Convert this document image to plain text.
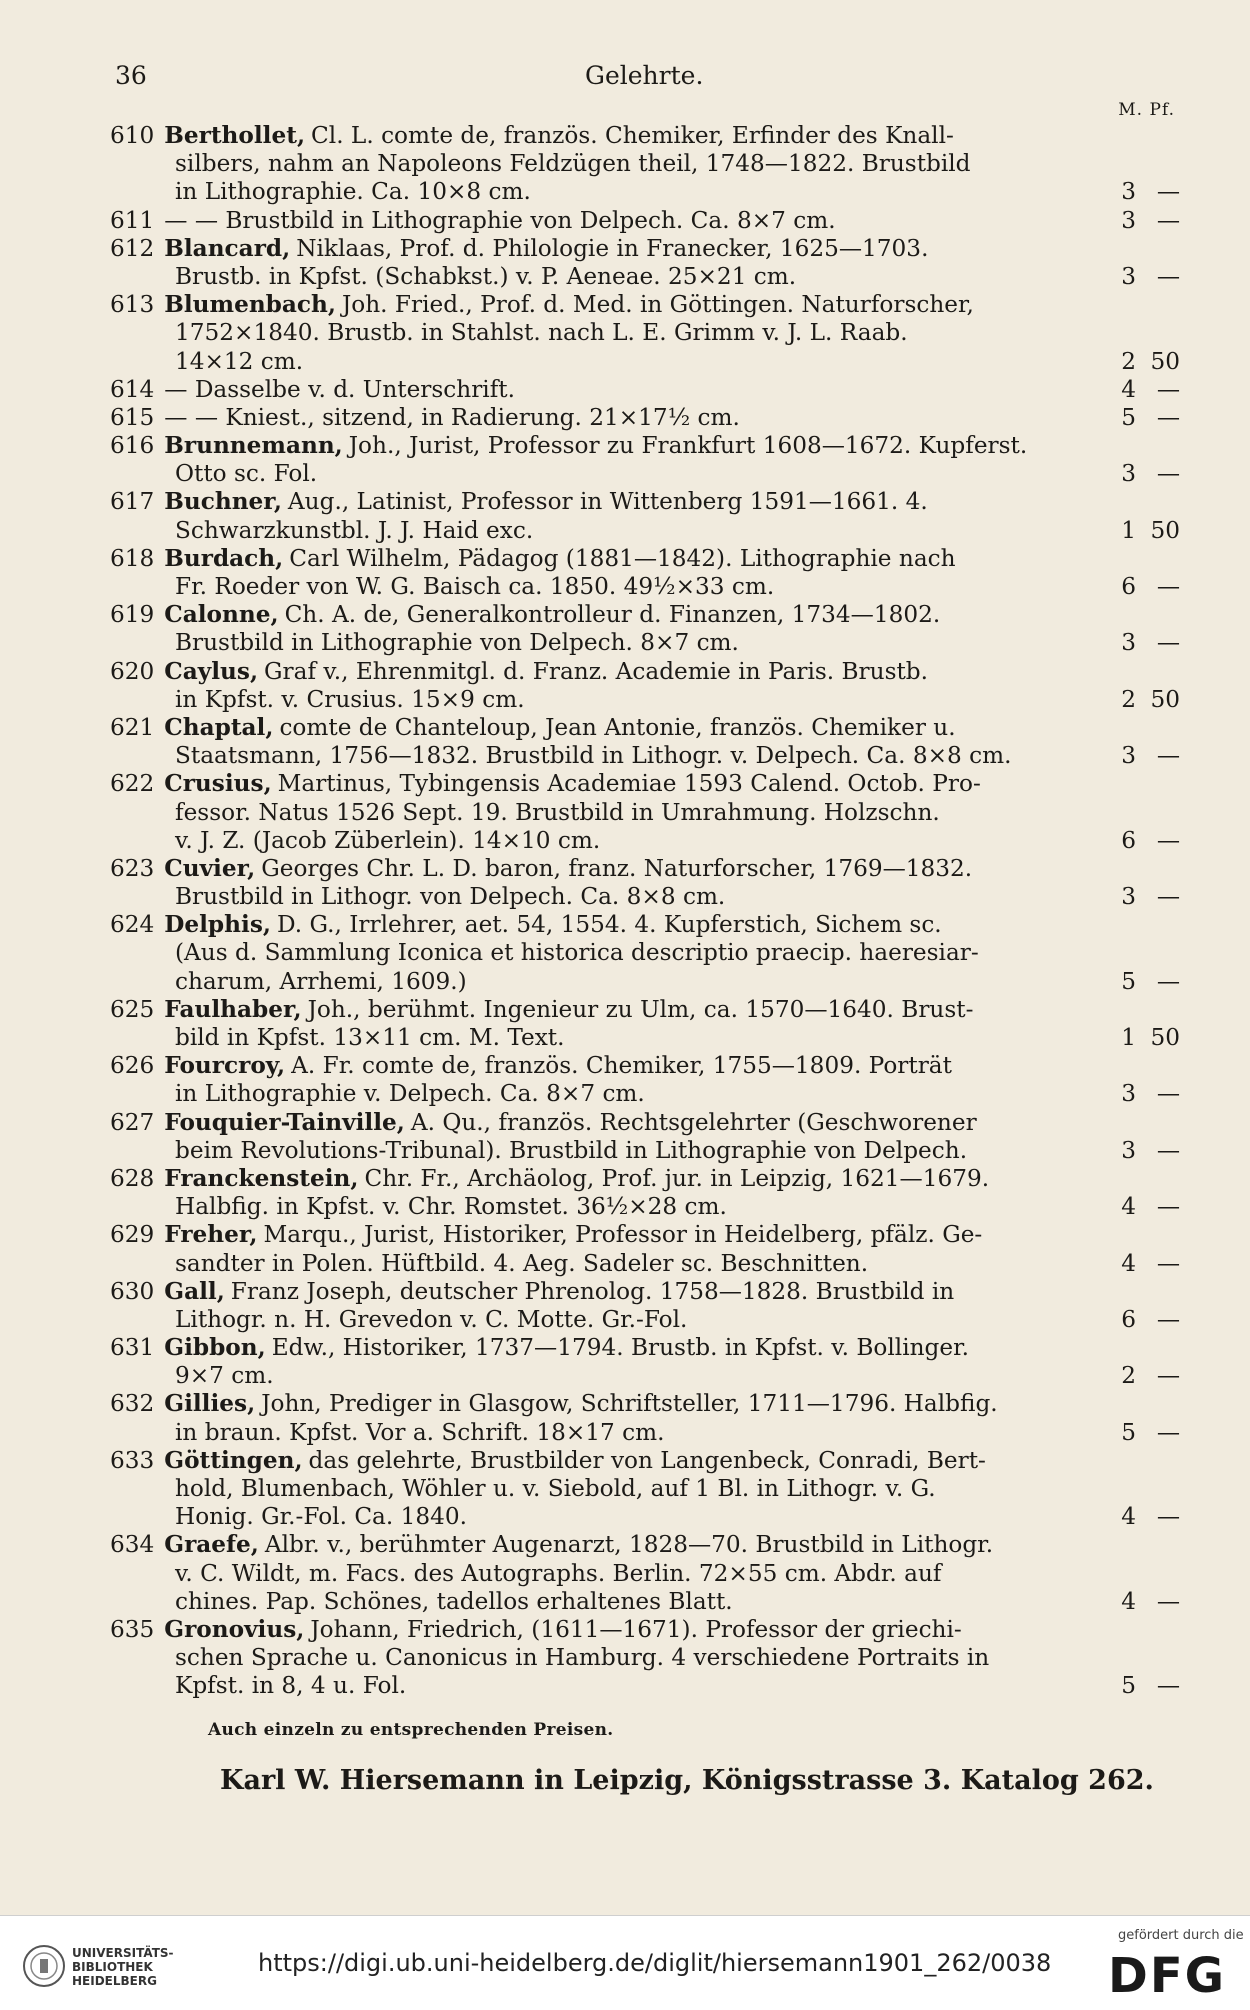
36	Gelehrte.
M. Pf.
610 Berthollet, Cl. L. comte de, französ. Chemiker, Erfinder des Knall-
silbers, nahm an Napoleons Feldzügen theil, 1748—1822. Brustbild
in Lithographie. Ca. 10×8 cm.	3 —
611 — — Brustbild in Lithographie von Delpech. Ca. 8×7 cm.	3 —
612 Blancard, Niklaas, Prof. d. Philologie in Franecker, 1625—1703.
Brustb. in Kpfst. (Schabkst.) v. P. Aeneae. 25×21 cm.	3 —
613 Blumenbach, Joh. Fried., Prof. d. Med. in Göttingen. Naturforscher,
1752×1840. Brustb. in Stahlst. nach L. E. Grimm v. J. L. Raab.
14×12 cm.	2 50
614 — Dasselbe v. d. Unterschrift.	4 —
615 — — Kniest., sitzend, in Radierung. 21×17½ cm.	5 —
616 Brunnemann, Joh., Jurist, Professor zu Frankfurt 1608—1672. Kupferst.
Otto sc. Fol.	3 —
617 Buchner, Aug., Latinist, Professor in Wittenberg 1591—1661. 4.
Schwarzkunstbl. J. J. Haid exc.	1 50
618 Burdach, Carl Wilhelm, Pädagog (1881—1842). Lithographie nach
Fr. Roeder von W. G. Baisch ca. 1850. 49½×33 cm.	6 —
619 Calonne, Ch. A. de, Generalkontrolleur d. Finanzen, 1734—1802.
Brustbild in Lithographie von Delpech. 8×7 cm.	3 —
620 Caylus, Graf v., Ehrenmitgl. d. Franz. Academie in Paris. Brustb.
in Kpfst. v. Crusius. 15×9 cm.	2 50
621 Chaptal, comte de Chanteloup, Jean Antonie, französ. Chemiker u.
Staatsmann, 1756—1832. Brustbild in Lithogr. v. Delpech. Ca. 8×8 cm.	3 —
622 Crusius, Martinus, Tybingensis Academiae 1593 Calend. Octob. Pro-
fessor. Natus 1526 Sept. 19. Brustbild in Umrahmung. Holzschn.
v. J. Z. (Jacob Züberlein). 14×10 cm.	6 —
623 Cuvier, Georges Chr. L. D. baron, franz. Naturforscher, 1769—1832.
Brustbild in Lithogr. von Delpech. Ca. 8×8 cm.	3 —
624 Delphis, D. G., Irrlehrer, aet. 54, 1554. 4. Kupferstich, Sichem sc.
(Aus d. Sammlung Iconica et historica descriptio praecip. haeresiar-
charum, Arrhemi, 1609.)	5 —
625 Faulhaber, Joh., berühmt. Ingenieur zu Ulm, ca. 1570—1640. Brust-
bild in Kpfst. 13×11 cm. M. Text.	1 50
626 Fourcroy, A. Fr. comte de, französ. Chemiker, 1755—1809. Porträt
in Lithographie v. Delpech. Ca. 8×7 cm.	3 —
627 Fouquier-Tainville, A. Qu., französ. Rechtsgelehrter (Geschworener
beim Revolutions-Tribunal). Brustbild in Lithographie von Delpech.	3 —
628 Franckenstein, Chr. Fr., Archäolog, Prof. jur. in Leipzig, 1621—1679.
Halbfig. in Kpfst. v. Chr. Romstet. 36½×28 cm.	4 —
629 Freher, Marqu., Jurist, Historiker, Professor in Heidelberg, pfälz. Ge-
sandter in Polen. Hüftbild. 4. Aeg. Sadeler sc. Beschnitten.	4 —
630 Gall, Franz Joseph, deutscher Phrenolog. 1758—1828. Brustbild in
Lithogr. n. H. Grevedon v. C. Motte. Gr.-Fol.	6 —
631 Gibbon, Edw., Historiker, 1737—1794. Brustb. in Kpfst. v. Bollinger.
9×7 cm.	2 —
632 Gillies, John, Prediger in Glasgow, Schriftsteller, 1711—1796. Halbfig.
in braun. Kpfst. Vor a. Schrift. 18×17 cm.	5 —
633 Göttingen, das gelehrte, Brustbilder von Langenbeck, Conradi, Bert-
hold, Blumenbach, Wöhler u. v. Siebold, auf 1 Bl. in Lithogr. v. G.
Honig. Gr.-Fol. Ca. 1840.	4 —
634 Graefe, Albr. v., berühmter Augenarzt, 1828—70. Brustbild in Lithogr.
v. C. Wildt, m. Facs. des Autographs. Berlin. 72×55 cm. Abdr. auf
chines. Pap. Schönes, tadellos erhaltenes Blatt.	4 —
635 Gronovius, Johann, Friedrich, (1611—1671). Professor der griechi-
schen Sprache u. Canonicus in Hamburg. 4 verschiedene Portraits in
Kpfst. in 8, 4 u. Fol.	5 —
Auch einzeln zu entsprechenden Preisen.
Karl W. Hiersemann in Leipzig, Königsstrasse 3. Katalog 262.
UNIVERSITÄTS-
BIBLIOTHEK
HEIDELBERG
https://digi.ub.uni-heidelberg.de/diglit/hiersemann1901_262/0038
gefördert durch die
DFG
